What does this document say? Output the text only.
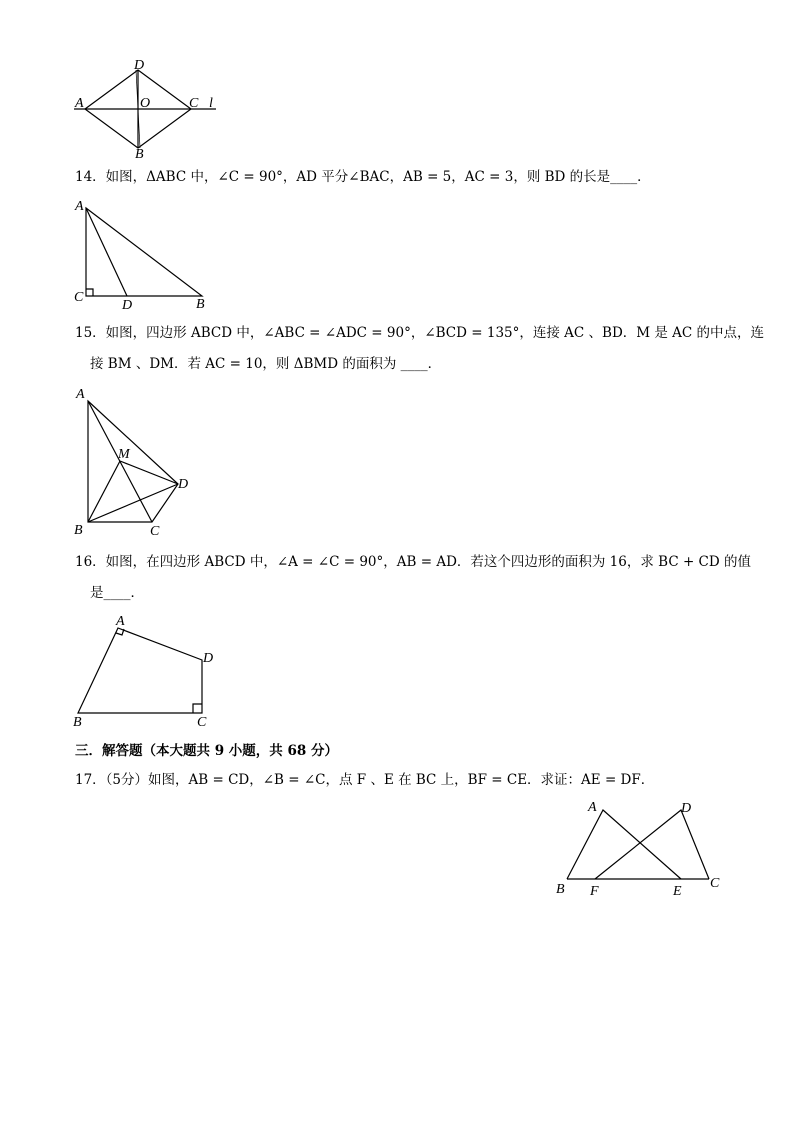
A	O	C l
D
B
14．如图，ΔABC 中，∠C = 90°，AD 平分∠BAC，AB = 5，AC = 3，则 BD 的长是____．
A
C
D	B
15．如图，四边形 ABCD 中，∠ABC = ∠ADC = 90°，∠BCD = 135°，连接 AC 、BD．M 是 AC 的中点，连
接 BM 、DM．若 AC = 10，则 ΔBMD 的面积为 ____．
A
M
D
B	C
16．如图，在四边形 ABCD 中，∠A = ∠C = 90°，AB = AD．若这个四边形的面积为 16，求 BC + CD 的值
是____．
A
D
B	C
三．解答题（本大题共 9 小题，共 68 分）
17．（5分）如图，AB = CD，∠B = ∠C，点 F 、E 在 BC 上，BF = CE．求证：AE = DF．
A	D
B F	E
C
